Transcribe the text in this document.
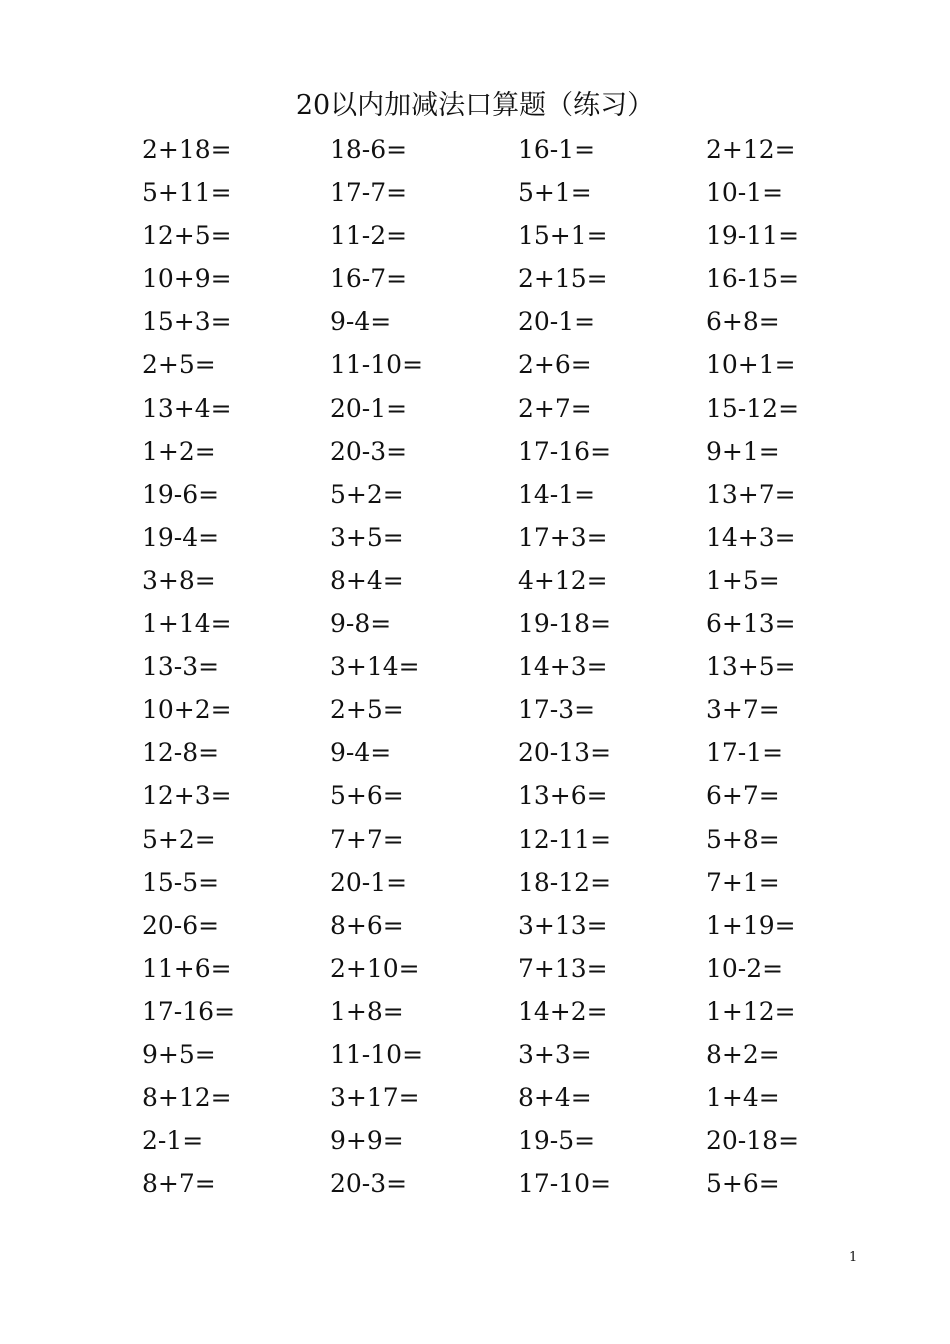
20以内加减法口算题（练习）
2+18=	18-6=	16-1=	2+12=
5+11=	17-7=	5+1=	10-1=
12+5=	11-2=	15+1=	19-11=
10+9=	16-7=	2+15=	16-15=
15+3=	9-4=	20-1=	6+8=
2+5=	11-10=	2+6=	10+1=
13+4=	20-1=	2+7=	15-12=
1+2=	20-3=	17-16=	9+1=
19-6=	5+2=	14-1=	13+7=
19-4=	3+5=	17+3=	14+3=
3+8=	8+4=	4+12=	1+5=
1+14=	9-8=	19-18=	6+13=
13-3=	3+14=	14+3=	13+5=
10+2=	2+5=	17-3=	3+7=
12-8=	9-4=	20-13=	17-1=
12+3=	5+6=	13+6=	6+7=
5+2=	7+7=	12-11=	5+8=
15-5=	20-1=	18-12=	7+1=
20-6=	8+6=	3+13=	1+19=
11+6=	2+10=	7+13=	10-2=
17-16=	1+8=	14+2=	1+12=
9+5=	11-10=	3+3=	8+2=
8+12=	3+17=	8+4=	1+4=
2-1=	9+9=	19-5=	20-18=
8+7=	20-3=	17-10=	5+6=
1
